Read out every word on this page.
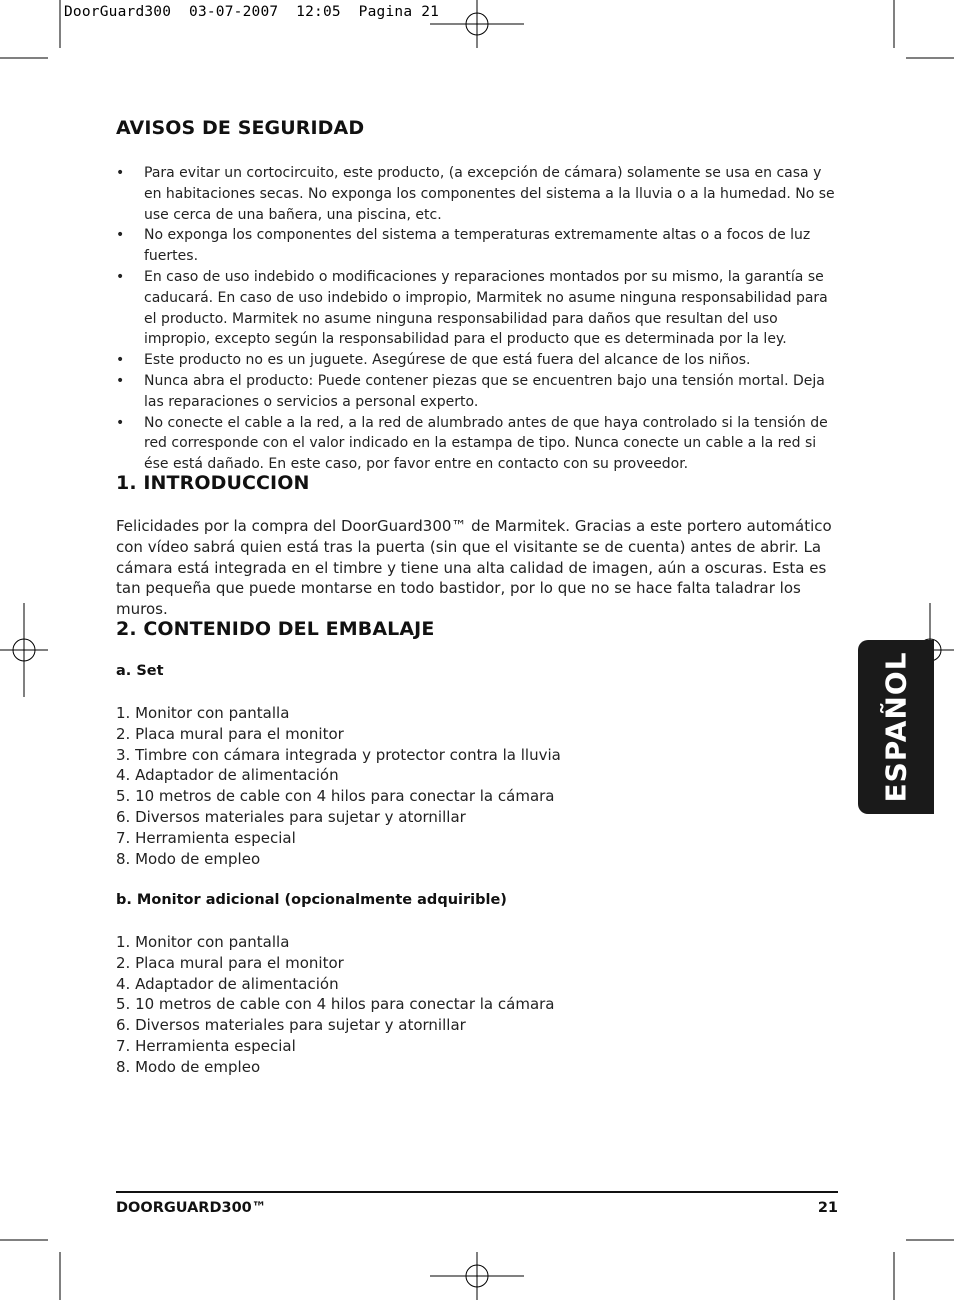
DoorGuard300  03-07-2007  12:05  Pagina 21
ESPAÑOL
AVISOS DE SEGURIDAD
• Para evitar un cortocircuito, este producto, (a excepción de cámara) solamente se usa en casa y en habitaciones secas. No exponga los componentes del sistema a la lluvia o a la humedad. No se use cerca de una bañera, una piscina, etc.
• No exponga los componentes del sistema a temperaturas extremamente altas o a focos de luz fuertes.
• En caso de uso indebido o modificaciones y reparaciones montados por su mismo, la garantía se caducará. En caso de uso indebido o impropio, Marmitek no asume ninguna responsabilidad para el producto. Marmitek no asume ninguna responsabilidad para daños que resultan del uso impropio, excepto según la responsabilidad para el producto que es determinada por la ley.
• Este producto no es un juguete. Asegúrese de que está fuera del alcance de los niños.
• Nunca abra el producto: Puede contener piezas que se encuentren bajo una tensión mortal. Deja las reparaciones o servicios a personal experto.
• No conecte el cable a la red, a la red de alumbrado antes de que haya controlado si la tensión de red corresponde con el valor indicado en la estampa de tipo. Nunca conecte un cable a la red si ése está dañado. En este caso, por favor entre en contacto con su proveedor.
1. INTRODUCCION

Felicidades por la compra del DoorGuard300™ de Marmitek. Gracias a este portero automático con vídeo sabrá quien está tras la puerta (sin que el visitante se de cuenta) antes de abrir. La cámara está integrada en el timbre y tiene una alta calidad de imagen, aún a oscuras. Esta es tan pequeña que puede montarse en todo bastidor, por lo que no se hace falta taladrar los muros.

2. CONTENIDO DEL EMBALAJE

a. Set

1. Monitor con pantalla
2. Placa mural para el monitor
3. Timbre con cámara integrada y protector contra la lluvia
4. Adaptador de alimentación
5. 10 metros de cable con 4 hilos para conectar la cámara
6. Diversos materiales para sujetar y atornillar
7. Herramienta especial
8. Modo de empleo

b. Monitor adicional (opcionalmente adquirible)

1. Monitor con pantalla
2. Placa mural para el monitor
4. Adaptador de alimentación
5. 10 metros de cable con 4 hilos para conectar la cámara
6. Diversos materiales para sujetar y atornillar
7. Herramienta especial
8. Modo de empleo
DOORGUARD300™	21
